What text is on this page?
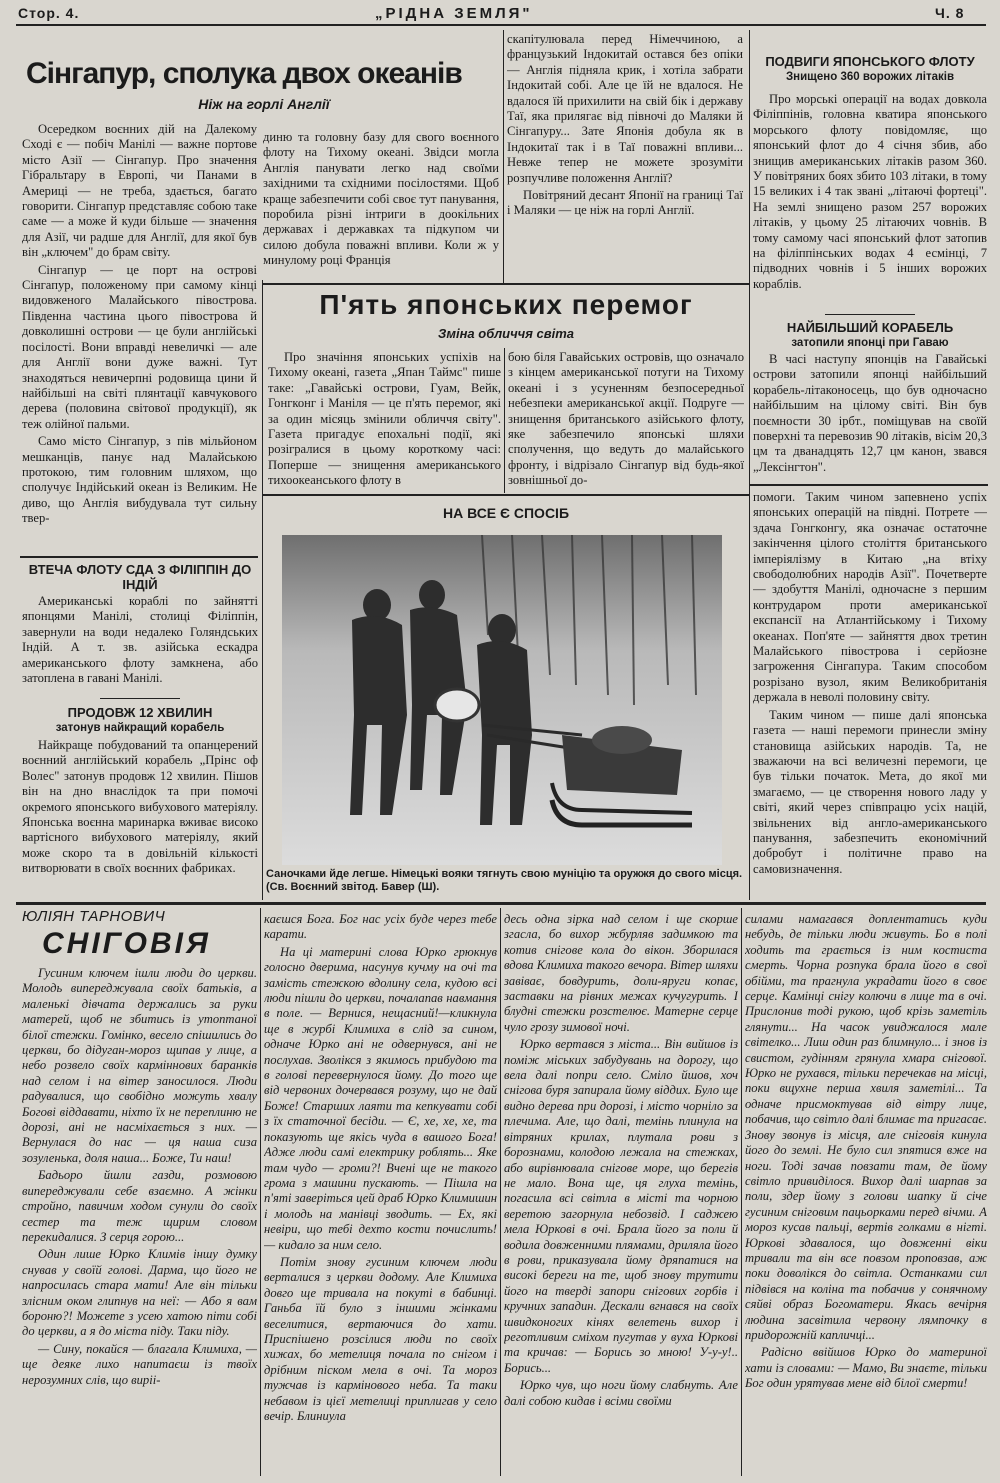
Стор. 4.	„РІДНА ЗЕМЛЯ"	Ч. 8
Сінгапур, сполука двох океанів
Ніж на горлі Англії

Осередком воєнних дій на Далекому Сході є — побіч Манілі — важне портове місто Азії — Сінгапур. Про значення Гібральтару в Европі, чи Панами в Америці — не треба, здається, багато говорити. Сінгапур представляє собою таке саме — а може й куди більше — значення для Азії, чи радше для Англії, для якої був він „ключем" до брам світу.

Сінгапур — це порт на острові Сінгапур, положеному при самому кінці видовженого Малайського півострова. Південна частина цього півострова й довколишні острови — це були англійські посілості. Вони вправді невеличкі — але для Англії вони дуже важні. Тут знаходяться невичерпні родовища цини й найбільші на світі плянтації кавчукового дерева (половина світової продукції), як теж олійної пальми.

Само місто Сінгапур, з пів мільйоном мешканців, панує над Малайською протокою, тим головним шляхом, що сполучує Індійський океан із Великим. Не диво, що Англія вибудувала тут сильну твер-

диню та головну базу для свого воєнного флоту на Тихому океані. Звідси могла Англія панувати легко над своїми західними та східними посілостями. Щоб краще забезпечити собі своє тут панування, поробила різні інтриги в доокільних державах і державках та підкупом чи силою добула поважні впливи. Коли ж у минулому році Франція

скапітулювала перед Німеччиною, а французький Індокитай остався без опіки — Англія підняла крик, і хотіла забрати Індокитай собі. Але це їй не вдалося. Не вдалося їй прихилити на свій бік і державу Таї, яка прилягає від півночі до Маляки й Сінгапуру... Зате Японія добула як в Індокитаї так і в Таї поважні впливи... Невже тепер не можете зрозуміти розпучливе положення Англії?

Повітряний десант Японії на границі Таї і Маляки — це ніж на горлі Англії.

ВТЕЧА ФЛОТУ СДА З ФІЛІППІН ДО ІНДІЙ

Американські кораблі по зайнятті японцями Манілі, столиці Філіппін, завернули на води недалеко Голяндських Індій. А т. зв. азійська ескадра американського флоту замкнена, або затоплена в гавані Манілі.

ПРОДОВЖ 12 ХВИЛИН
затонув найкращий корабель

Найкраще побудований та опанцерений воєнний англійський корабель „Прінс оф Волес" затонув продовж 12 хвилин. Пішов він на дно внаслідок та при помочі окремого японського вибухового матеріялу. Японська воєнна маринарка вживає високо вартісного вибухового матеріялу, який може скоро та в довільній кількості витворювати в своїх воєнних фабриках.

ПОДВИГИ ЯПОНСЬКОГО ФЛОТУ
Знищено 360 ворожих літаків

Про морські операції на водах довкола Філіппінів, головна кватира японського морського флоту повідомляє, що японський флот до 4 січня збив, або знищив американських літаків разом 360. У повітряних боях збито 103 літаки, в тому 15 великих і 4 так звані „літаючі фортеці". На землі знищено разом 257 ворожих літаків, у цьому 25 літаючих човнів. В тому самому часі японський флот затопив на філіппінських водах 4 есмінці, 7 підводних човнів і 5 інших ворожих кораблів.

НАЙБІЛЬШИЙ КОРАБЕЛЬ
затопили японці при Гаваю

В часі наступу японців на Гавайські острови затопили японці найбільший корабель-літаконосець, що був одночасно найбільшим на цілому світі. Він був поємности 30 ірбт., поміщував на своїй поверхні та перевозив 90 літаків, вісім 20,3 цм та дванадцять 12,7 цм канон, звався „Лексінгтон".

П'ять японських перемог
Зміна обличчя світа

Про значіння японських успіхів на Тихому океані, газета „Япан Таймс" пише таке: „Гавайські острови, Гуам, Вейк, Гонгконг і Маніля — це п'ять перемог, які за один місяць змінили обличчя світу". Газета пригадує епохальні події, які розігралися в цьому короткому часі: Поперше — знищення американського тихоокеанського флоту в

бою біля Гавайських островів, що означало з кінцем американської потуги на Тихому океані і з усуненням безпосередньої небезпеки американської акції. Подруге — знищення британського азійського флоту, яке забезпечило японські шляхи сполучення, що ведуть до малайського фронту, і відрізало Сінгапур від будь-якої зовнішньої до-

помоги. Таким чином запевнено успіх японських операцій на півдні. Потрете — здача Гонгконгу, яка означає остаточне закінчення цілого століття британського імперіялізму в Китаю „на втіху свободолюбних народів Азії". Почетверте — здобуття Манілі, одночасне з першим контрударом проти американської експансії на Атлантійському і Тихому океанах. Поп'яте — зайняття двох третин Малайського півострова і серйозне загроження Сінгапура. Таким способом розрізано вузол, яким Великобританія держала в неволі половину світу.

Таким чином — пише далі японська газета — наші перемоги принесли зміну становища азійських народів. Та, не зважаючи на всі величезні перемоги, це був тільки початок. Мета, до якої ми змагаємо, — це створення нового ладу у світі, який через співпрацю усіх націй, звільнених від англо-американського панування, забезпечить економічний добробут і політичне право на самовизначення.

НА ВСЕ Є СПОСІБ
Саночками йде легше. Німецькі вояки тягнуть свою муніцію та оружжя до свого місця. (Св. Воєнний звітод. Бавер (Ш).
ЮЛІЯН ТАРНОВИЧ
СНІГОВІЯ

Гусиним ключем ішли люди до церкви. Молодь випереджувала своїх батьків, а маленькі дівчата держались за руки матерей, щоб не збитись із утоптаної білої стежки. Гомінко, весело спішились до церкви, бо дідуган-мороз щипав у лице, а небо розвело своїх карміннових баранків над селом і на вітер заносилося. Люди радувалися, що свобідно можуть хвалу Богові віддавати, ніхто їх не переплиню не дорозі, ані не насміхається з них. — Вернулася до нас — ця наша сиза зозуленька, доля наша... Боже, Ти наш!

Бадьоро йшли газди, розмовою випереджували себе взаємно. А жінки стройно, павичим ходом сунули до своїх сестер та теж щирим словом перекидалися. З серця горою...

Один лише Юрко Климів іншу думку снував у своїй голові. Дарма, що його не напросилась стара мати! Але він тільки злісним оком глипнув на неї: — Або я вам бороню?! Можете з усею хатою піти собі до церкви, а я до міста піду. Таки піду.

— Сину, покайся — благала Климиха, — ще деяке лихо напитаєш із твоїх нерозумних слів, що виріі-

каєшся Бога. Бог нас усіх буде через тебе карати.

На ці материні слова Юрко грюкнув голосно дверима, насунув кучму на очі та замість стежкою вдолину села, кудою всі люди пішли до церкви, почалапав навмання в поле. — Вернися, нещасний!—кликнула ще в журбі Климиха в слід за сином, одначе Юрко ані не одвернувся, ані не послухав. Зволікся з якимось прибудою та в голові перевернулося йому. До того ще від червоних дочервався розуму, що не дай Боже! Старших лаяти та кепкувати собі з їх статочної бесіди. — Є, хе, хе, хе, та показують ще якісь чуда в вашого Бога! Адже люди самі електрику роблять... Яке там чудо — громи?! Вчені ще не такого грома з машини пускають. — Пішла на п'яті заверіться цей драб Юрко Климишин і молодь на манівці зводить. — Ех, які невіри, що тебі дехто кости почислить! — кидало за ним село.

Потім знову гусиним ключем люди верталися з церкви додому. Але Климиха довго ще тривала на покуті в бабинці. Ганьба їй було з іншими жінками веселитися, вертаючися до хати. Приспішено розсілися люди по своїх хижах, бо метелиця почала по снігом і дрібним піском мела в очі. Та мороз тужчав із кармінового неба. Та таки небавом із цієї метелиці приплигав у село вечір. Блиниула

десь одна зірка над селом і ще скорше згасла, бо вихор жбурляв задимкою та котив снігове кола до вікон. Зборилася вдова Климиха такого вечора. Вітер шляхи завіває, бовдурить, доли-яруги копає, заставки на рівних межах кучугурить. І блудні стежки розстелює. Матерне серце чуло грозу зимової ночі.

Юрко вертався з міста... Він вийшов із поміж міських забудувань на дорогу, що вела далі попри село. Сміло йшов, хоч снігова буря запирала йому віддих. Було ще видно дерева при дорозі, і місто чорніло за плечима. Але, що далі, темінь плинула на вітряних крилах, плутала рови з борознами, колодою лежала на стежках, або вирівнювала снігове море, що берегів не мало. Вона ще, ця глуха темінь, погасила всі світла в місті та чорною веретою загорнула небозвід. І саджею мела Юркові в очі. Брала його за поли й водила довженними плямами, дриляла його в рови, приказувала йому дряпатися на високі береги на те, щоб знову трутити його на тверді запори снігових горбів і кручних западин. Дескали вгнався на своїх швидконогих кінях велетень вихор і реготливим сміхом пугутав у вуха Юркові та кричав: — Борись зо мною! У-у-у!.. Борись...

Юрко чув, що ноги йому слабнуть. Але далі собою кидав і всіми своїми

силами намагався доплентатись куди небудь, де тільки люди живуть. Бо в полі ходить та грається із ним костиста смерть. Чорна розпука брала його в свої обійми, та прагнула украдати його в своє серце. Камінці снігу колючи в лице та в очі. Прислонив тоді рукою, щоб крізь заметіль глянути... На часок увиджалося мале світелко... Лиш один раз блимнуло... і знов із свистом, гудінням грянула хмара снігової. Юрко не рухався, тільки перечекав на місці, поки вщухне перша хвиля заметілі... Та одначе присмоктував від вітру лице, побачив, що світло далі блимає та пригасає. Знову звонув із місця, але сніговія кинула його до землі. Не було сил зпятися вже на ноги. Тоді зачав повзати там, де йому світло привиділося. Вихор далі шарпав за поли, здер йому з голови шапку й січе гусиним сніговим пацьорками перед вічми. А мороз кусав пальці, вертів голками в нігті. Юркові здавалося, що довженні віки тривали та він все повзом проповзав, аж поки доволікся до світла. Останками сил підвівся на коліна та побачив у сонячному сяйві образ Богоматери. Якась вечірня людина засвітила червону лямпочку в придорожній капличці...

Радісно ввійшов Юрко до материної хати із словами: — Мамо, Ви знаєте, тільки Бог один урятував мене від білої смерти!
